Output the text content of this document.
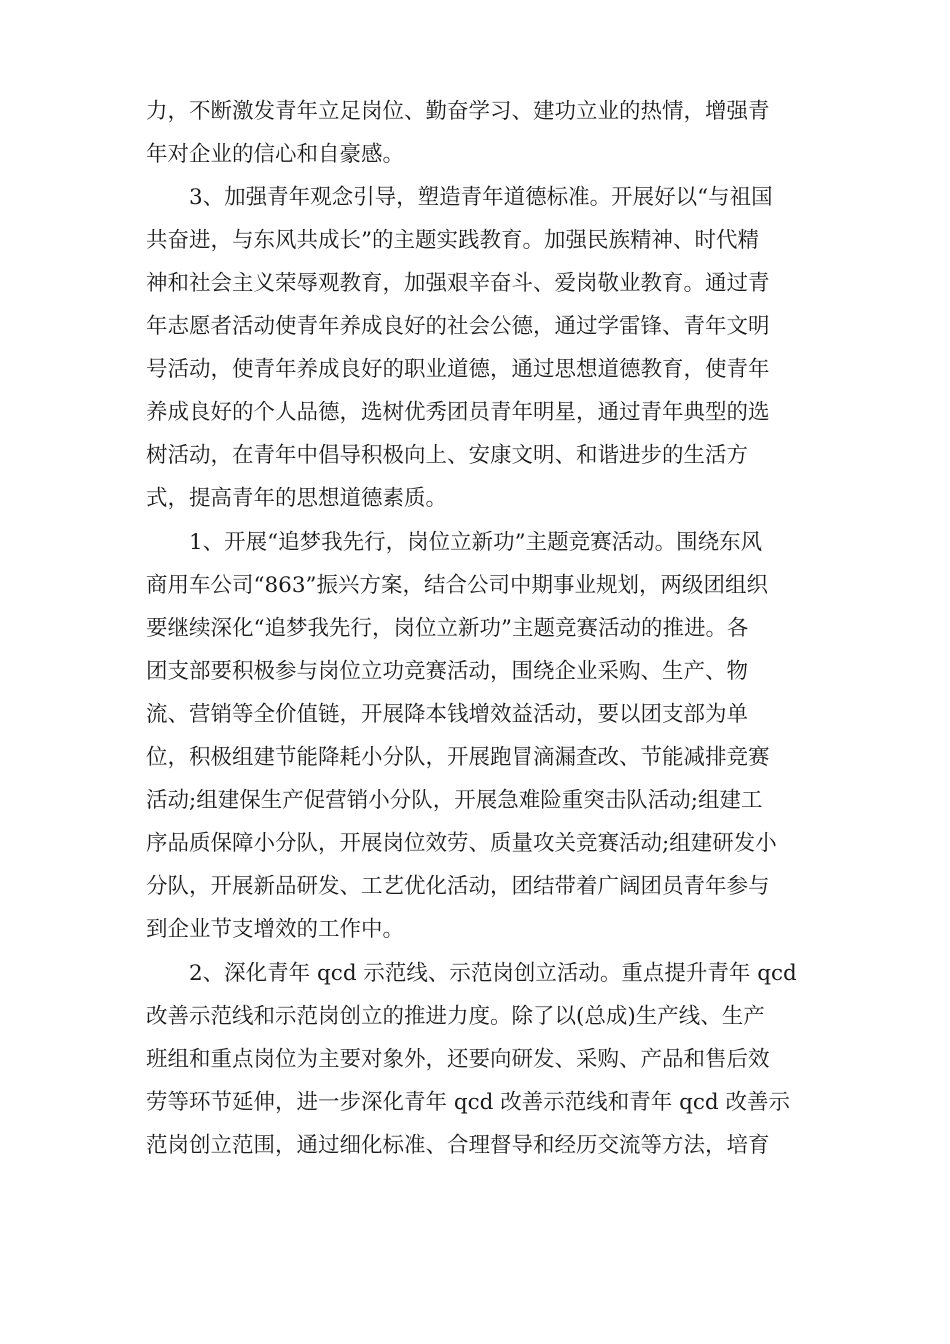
力，不断激发青年立足岗位、勤奋学习、建功立业的热情，增强青
年对企业的信心和自豪感。
　　3、加强青年观念引导，塑造青年道德标准。开展好以“与祖国
共奋进，与东风共成长”的主题实践教育。加强民族精神、时代精
神和社会主义荣辱观教育，加强艰辛奋斗、爱岗敬业教育。通过青
年志愿者活动使青年养成良好的社会公德，通过学雷锋、青年文明
号活动，使青年养成良好的职业道德，通过思想道德教育，使青年
养成良好的个人品德，选树优秀团员青年明星，通过青年典型的选
树活动，在青年中倡导积极向上、安康文明、和谐进步的生活方
式，提高青年的思想道德素质。
　　1、开展“追梦我先行，岗位立新功”主题竞赛活动。围绕东风
商用车公司“863”振兴方案，结合公司中期事业规划，两级团组织
要继续深化“追梦我先行，岗位立新功”主题竞赛活动的推进。各
团支部要积极参与岗位立功竞赛活动，围绕企业采购、生产、物
流、营销等全价值链，开展降本钱增效益活动，要以团支部为单
位，积极组建节能降耗小分队，开展跑冒滴漏查改、节能减排竞赛
活动;组建保生产促营销小分队，开展急难险重突击队活动;组建工
序品质保障小分队，开展岗位效劳、质量攻关竞赛活动;组建研发小
分队，开展新品研发、工艺优化活动，团结带着广阔团员青年参与
到企业节支增效的工作中。
　　2、深化青年 qcd 示范线、示范岗创立活动。重点提升青年 qcd
改善示范线和示范岗创立的推进力度。除了以(总成)生产线、生产
班组和重点岗位为主要对象外，还要向研发、采购、产品和售后效
劳等环节延伸，进一步深化青年 qcd 改善示范线和青年 qcd 改善示
范岗创立范围，通过细化标准、合理督导和经历交流等方法，培育
